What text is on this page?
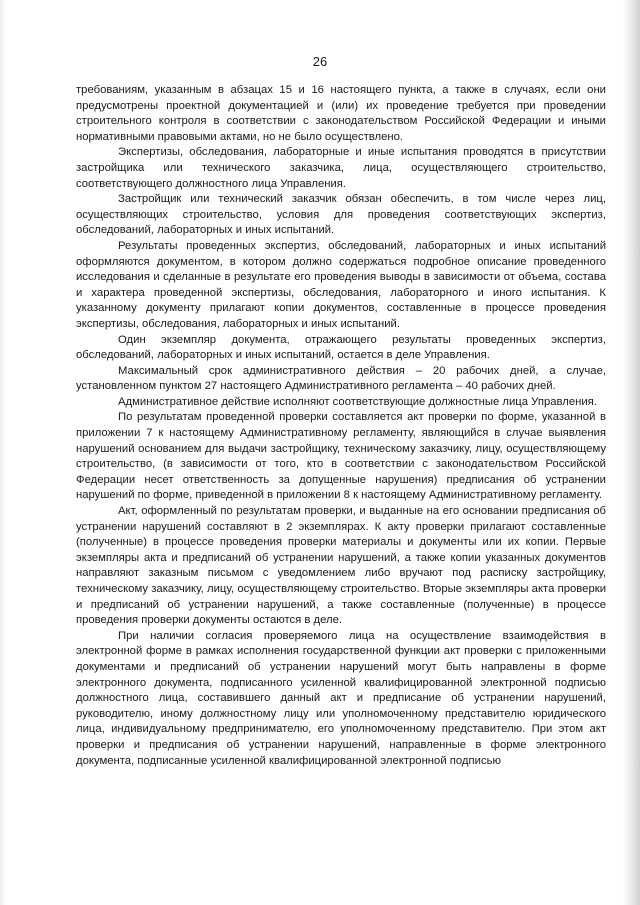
26

требованиям, указанным в абзацах 15 и 16 настоящего пункта, а также в случаях, если они предусмотрены проектной документацией и (или) их проведение требуется при проведении строительного контроля в соответствии с законодательством Российской Федерации и иными нормативными правовыми актами, но не было осуществлено.

Экспертизы, обследования, лабораторные и иные испытания проводятся в присутствии застройщика или технического заказчика, лица, осуществляющего строительство, соответствующего должностного лица Управления.

Застройщик или технический заказчик обязан обеспечить, в том числе через лиц, осуществляющих строительство, условия для проведения соответствующих экспертиз, обследований, лабораторных и иных испытаний.

Результаты проведенных экспертиз, обследований, лабораторных и иных испытаний оформляются документом, в котором должно содержаться подробное описание проведенного исследования и сделанные в результате его проведения выводы в зависимости от объема, состава и характера проведенной экспертизы, обследования, лабораторного и иного испытания. К указанному документу прилагают копии документов, составленные в процессе проведения экспертизы, обследования, лабораторных и иных испытаний.

Один экземпляр документа, отражающего результаты проведенных экспертиз, обследований, лабораторных и иных испытаний, остается в деле Управления.

Максимальный срок административного действия – 20 рабочих дней, а случае, установленном пунктом 27 настоящего Административного регламента – 40 рабочих дней.

Административное действие исполняют соответствующие должностные лица Управления.

По результатам проведенной проверки составляется акт проверки по форме, указанной в приложении 7 к настоящему Административному регламенту, являющийся в случае выявления нарушений основанием для выдачи застройщику, техническому заказчику, лицу, осуществляющему строительство, (в зависимости от того, кто в соответствии с законодательством Российской Федерации несет ответственность за допущенные нарушения) предписания об устранении нарушений по форме, приведенной в приложении 8 к настоящему Административному регламенту.

Акт, оформленный по результатам проверки, и выданные на его основании предписания об устранении нарушений составляют в 2 экземплярах. К акту проверки прилагают составленные (полученные) в процессе проведения проверки материалы и документы или их копии. Первые экземпляры акта и предписаний об устранении нарушений, а также копии указанных документов направляют заказным письмом с уведомлением либо вручают под расписку застройщику, техническому заказчику, лицу, осуществляющему строительство. Вторые экземпляры акта проверки и предписаний об устранении нарушений, а также составленные (полученные) в процессе проведения проверки документы остаются в деле.

При наличии согласия проверяемого лица на осуществление взаимодействия в электронной форме в рамках исполнения государственной функции акт проверки с приложенными документами и предписаний об устранении нарушений могут быть направлены в форме электронного документа, подписанного усиленной квалифицированной электронной подписью должностного лица, составившего данный акт и предписание об устранении нарушений, руководителю, иному должностному лицу или уполномоченному представителю юридического лица, индивидуальному предпринимателю, его уполномоченному представителю. При этом акт проверки и предписания об устранении нарушений, направленные в форме электронного документа, подписанные усиленной квалифицированной электронной подписью
